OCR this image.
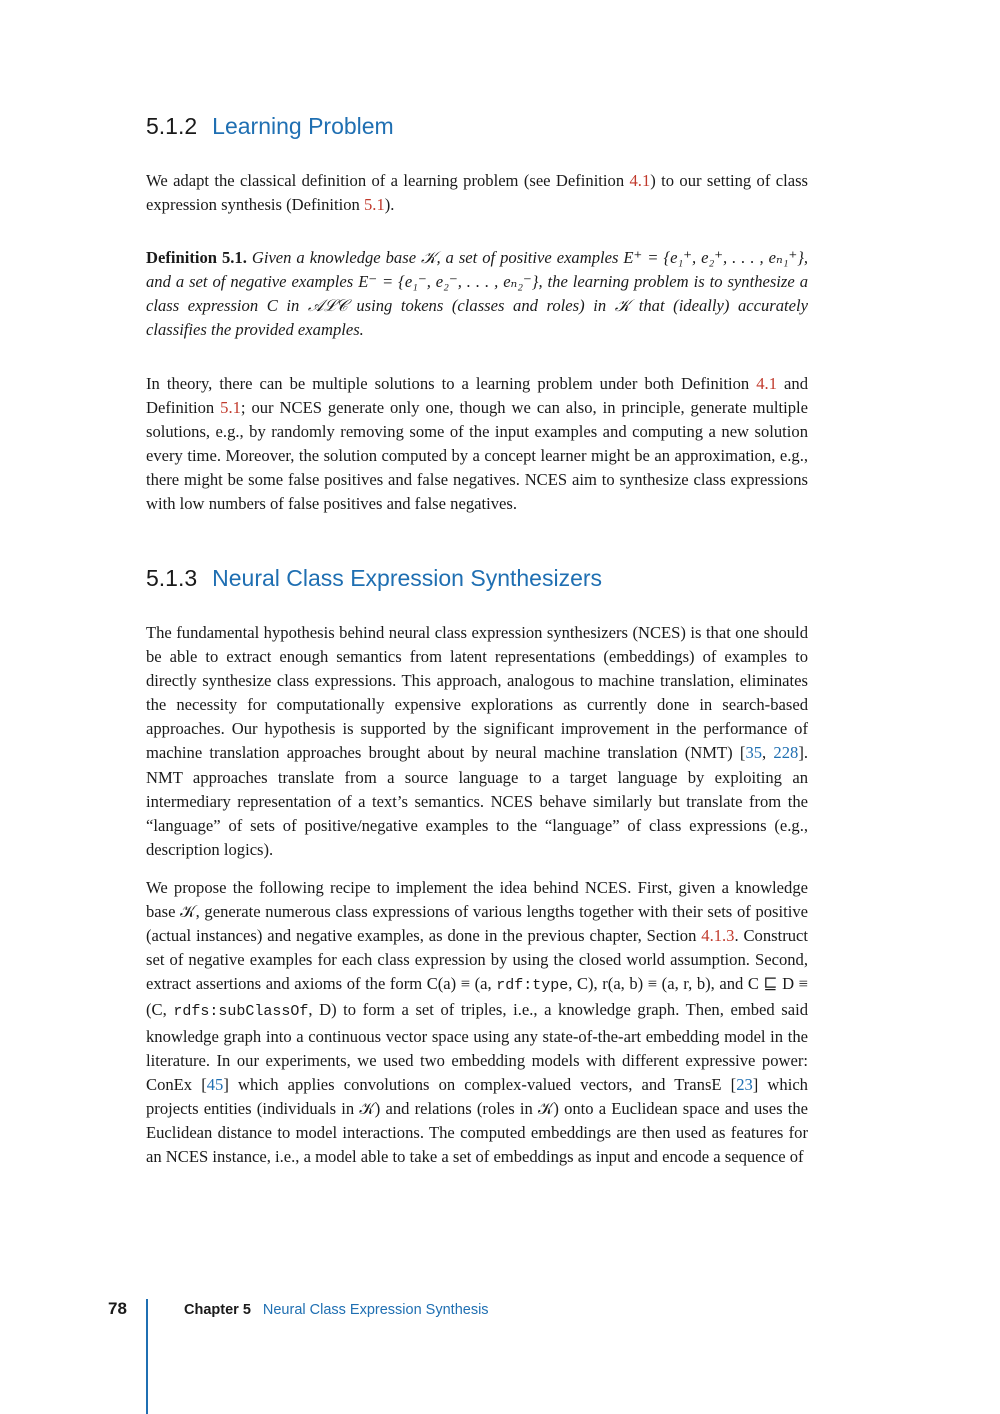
5.1.2 Learning Problem

We adapt the classical definition of a learning problem (see Definition 4.1) to our setting of class expression synthesis (Definition 5.1).

Definition 5.1. Given a knowledge base 𝒦, a set of positive examples E⁺ = {e₁⁺, e₂⁺, . . . , eₙ₁⁺}, and a set of negative examples E⁻ = {e₁⁻, e₂⁻, . . . , eₙ₂⁻}, the learning problem is to synthesize a class expression C in 𝒜ℒ𝒞 using tokens (classes and roles) in 𝒦 that (ideally) accurately classifies the provided examples.

In theory, there can be multiple solutions to a learning problem under both Definition 4.1 and Definition 5.1; our NCES generate only one, though we can also, in principle, generate multiple solutions, e.g., by randomly removing some of the input examples and computing a new solution every time. Moreover, the solution computed by a concept learner might be an approximation, e.g., there might be some false positives and false negatives. NCES aim to synthesize class expressions with low numbers of false positives and false negatives.

5.1.3 Neural Class Expression Synthesizers

The fundamental hypothesis behind neural class expression synthesizers (NCES) is that one should be able to extract enough semantics from latent representations (embeddings) of examples to directly synthesize class expressions. This approach, analogous to machine translation, eliminates the necessity for computationally expensive explorations as currently done in search-based approaches. Our hypothesis is supported by the significant improvement in the performance of machine translation approaches brought about by neural machine translation (NMT) [35, 228]. NMT approaches translate from a source language to a target language by exploiting an intermediary representation of a text’s semantics. NCES behave similarly but translate from the “language” of sets of positive/negative examples to the “language” of class expressions (e.g., description logics).

We propose the following recipe to implement the idea behind NCES. First, given a knowledge base 𝒦, generate numerous class expressions of various lengths together with their sets of positive (actual instances) and negative examples, as done in the previous chapter, Section 4.1.3. Construct set of negative examples for each class expression by using the closed world assumption. Second, extract assertions and axioms of the form C(a) ≡ (a, rdf:type, C), r(a, b) ≡ (a, r, b), and C ⊑ D ≡ (C, rdfs:subClassOf, D) to form a set of triples, i.e., a knowledge graph. Then, embed said knowledge graph into a continuous vector space using any state-of-the-art embedding model in the literature. In our experiments, we used two embedding models with different expressive power: ConEx [45] which applies convolutions on complex-valued vectors, and TransE [23] which projects entities (individuals in 𝒦) and relations (roles in 𝒦) onto a Euclidean space and uses the Euclidean distance to model interactions. The computed embeddings are then used as features for an NCES instance, i.e., a model able to take a set of embeddings as input and encode a sequence of

78	Chapter 5 Neural Class Expression Synthesis
